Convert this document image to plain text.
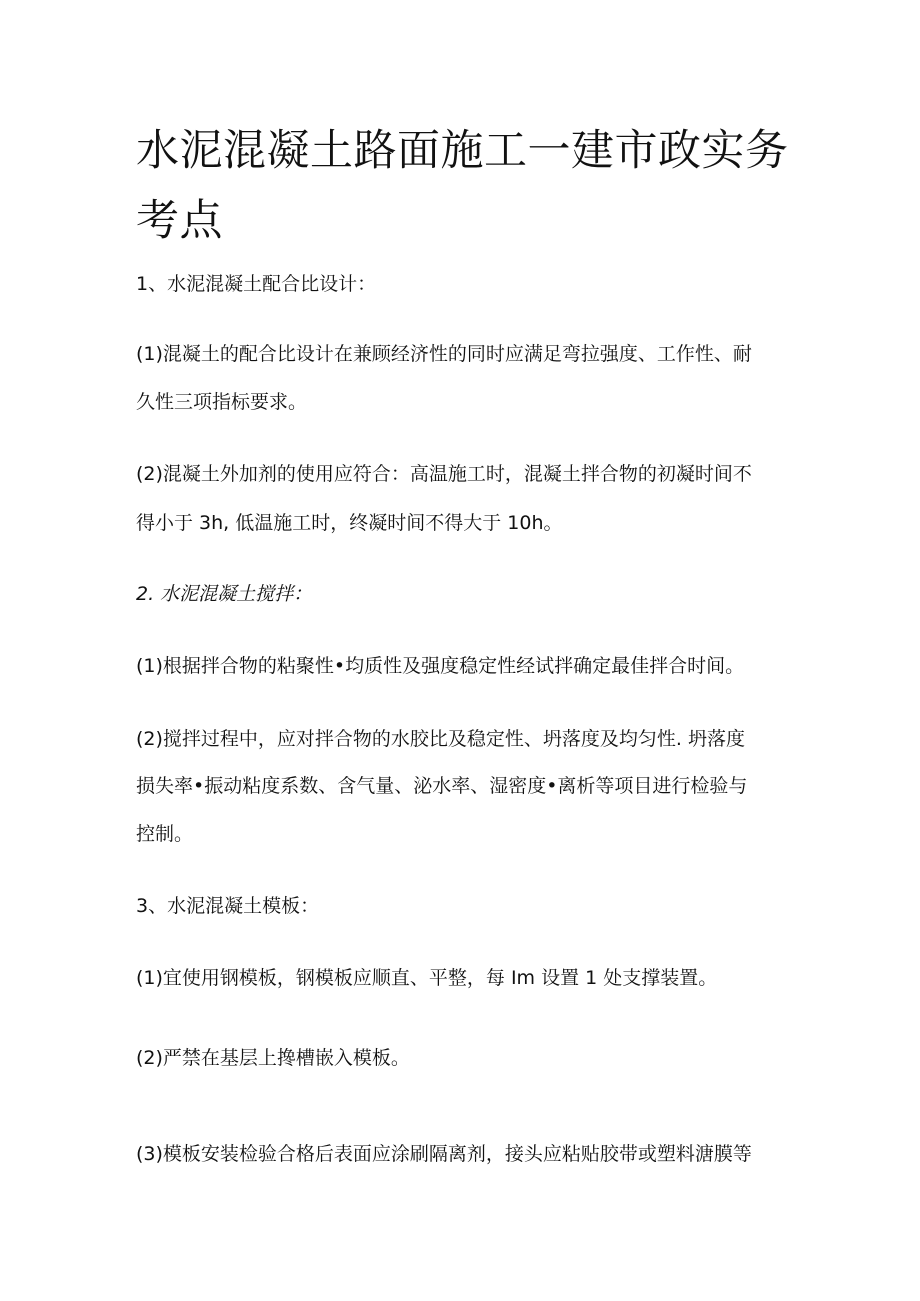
水泥混凝土路面施工一建市政实务考点

1、水泥混凝土配合比设计：

(1)混凝土的配合比设计在兼顾经济性的同时应满足弯拉强度、工作性、耐

久性三项指标要求。

(2)混凝土外加剂的使用应符合：高温施工时，混凝土拌合物的初凝时间不

得小于 3h, 低温施工时，终凝时间不得大于 10h。

2. 水泥混凝土搅拌：

(1)根据拌合物的粘聚性•均质性及强度稳定性经试拌确定最佳拌合时间。

(2)搅拌过程中，应对拌合物的水胶比及稳定性、坍落度及均匀性. 坍落度

损失率•振动粘度系数、含气量、泌水率、湿密度•离析等项目进行检验与

控制。

3、水泥混凝土模板：

(1)宜使用钢模板，钢模板应顺直、平整，每 Im 设置 1 处支撑装置。

(2)严禁在基层上搀槽嵌入模板。

(3)模板安装检验合格后表面应涂刷隔离剂，接头应粘贴胶带或塑料溏膜等
